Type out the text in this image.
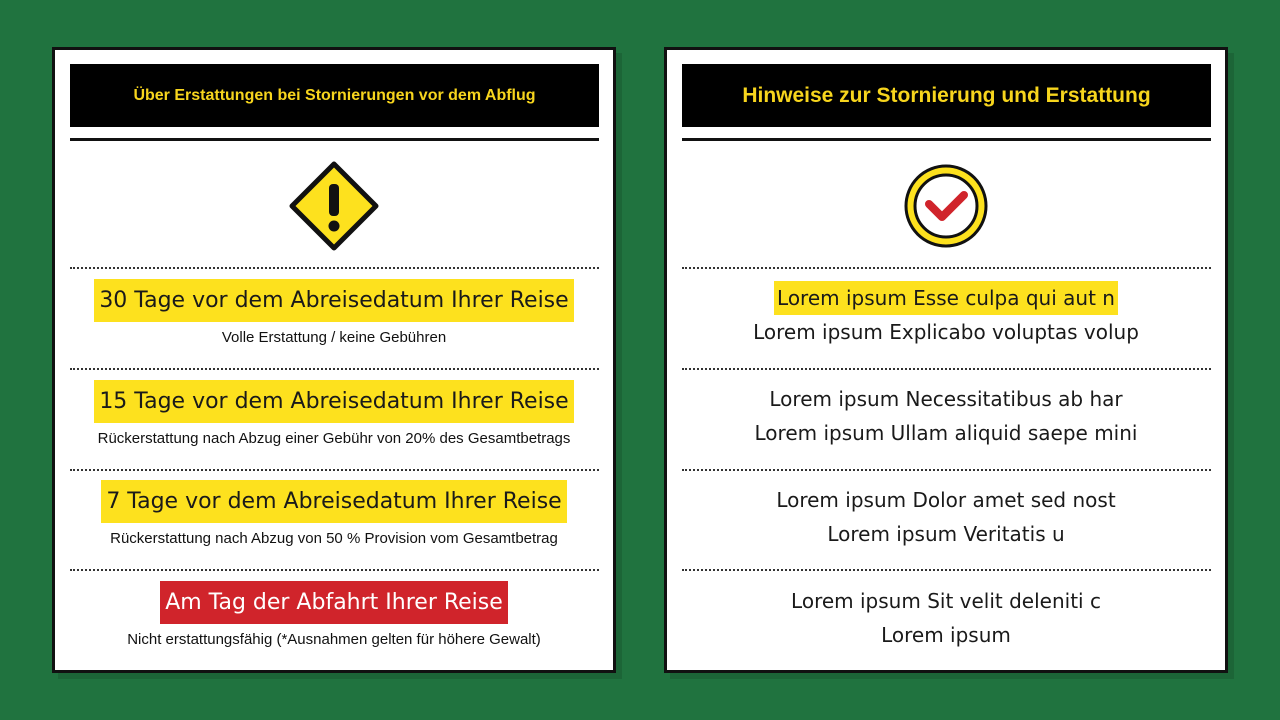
Über Erstattungen bei Stornierungen vor dem Abflug
30 Tage vor dem Abreisedatum Ihrer Reise
Volle Erstattung / keine Gebühren
15 Tage vor dem Abreisedatum Ihrer Reise
Rückerstattung nach Abzug einer Gebühr von 20% des Gesamtbetrags
7 Tage vor dem Abreisedatum Ihrer Reise
Rückerstattung nach Abzug von 50 % Provision vom Gesamtbetrag
Am Tag der Abfahrt Ihrer Reise
Nicht erstattungsfähig (*Ausnahmen gelten für höhere Gewalt)
Hinweise zur Stornierung und Erstattung
Lorem ipsum Esse culpa qui aut n
Lorem ipsum Explicabo voluptas volup
Lorem ipsum Necessitatibus ab har
Lorem ipsum Ullam aliquid saepe mini
Lorem ipsum Dolor amet sed nost
Lorem ipsum Veritatis u
Lorem ipsum Sit velit deleniti c
Lorem ipsum
